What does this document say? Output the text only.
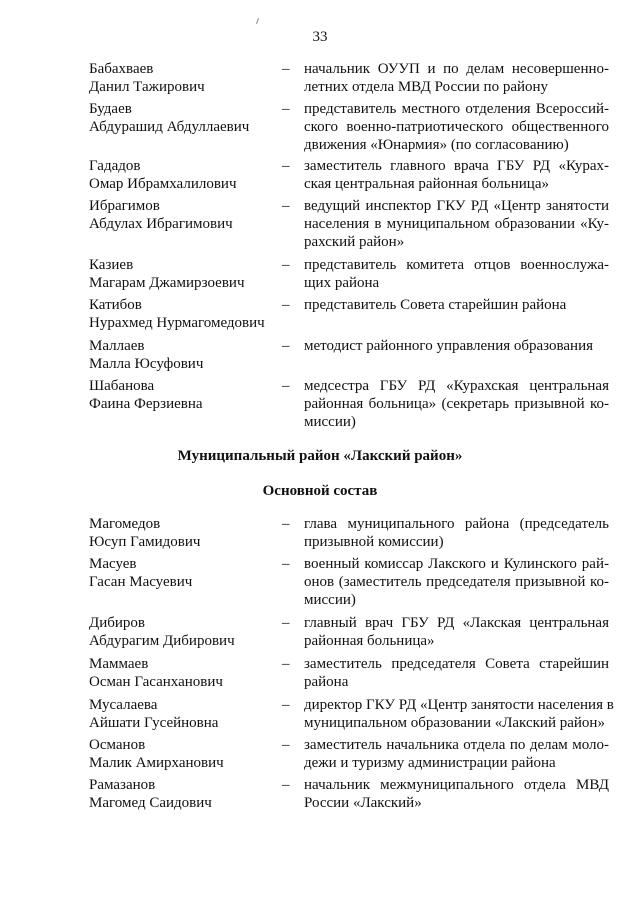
33
Бабахваев
Данил Тажирович
– начальник ОУУП и по делам несовершенно-
летних отдела МВД России по району
Будаев
Абдурашид Абдуллаевич
– представитель местного отделения Всероссий-
ского военно-патриотического общественного
движения «Юнармия» (по согласованию)
Гададов
Омар Ибрамхалилович
– заместитель главного врача ГБУ РД «Курах-
ская центральная районная больница»
Ибрагимов
Абдулах Ибрагимович
– ведущий инспектор ГКУ РД «Центр занятости
населения в муниципальном образовании «Ку-
рахский район»
Казиев
Магарам Джамирзоевич
– представитель комитета отцов военнослужа-
щих района
Катибов
Нурахмед Нурмагомедович
– представитель Совета старейшин района
Маллаев
Малла Юсуфович
– методист районного управления образования
Шабанова
Фаина Ферзиевна
– медсестра ГБУ РД «Курахская центральная
районная больница» (секретарь призывной ко-
миссии)
Муниципальный район «Лакский район»
Основной состав
Магомедов
Юсуп Гамидович
– глава муниципального района (председатель
призывной комиссии)
Масуев
Гасан Масуевич
– военный комиссар Лакского и Кулинского рай-
онов (заместитель председателя призывной ко-
миссии)
Дибиров
Абдурагим Дибирович
– главный врач ГБУ РД «Лакская центральная
районная больница»
Маммаев
Осман Гасанханович
– заместитель председателя Совета старейшин
района
Мусалаева
Айшати Гусейновна
– директор ГКУ РД «Центр занятости населения в
муниципальном образовании «Лакский район»
Османов
Малик Амирханович
– заместитель начальника отдела по делам моло-
дежи и туризму администрации района
Рамазанов
Магомед Саидович
– начальник межмуниципального отдела МВД
России «Лакский»
